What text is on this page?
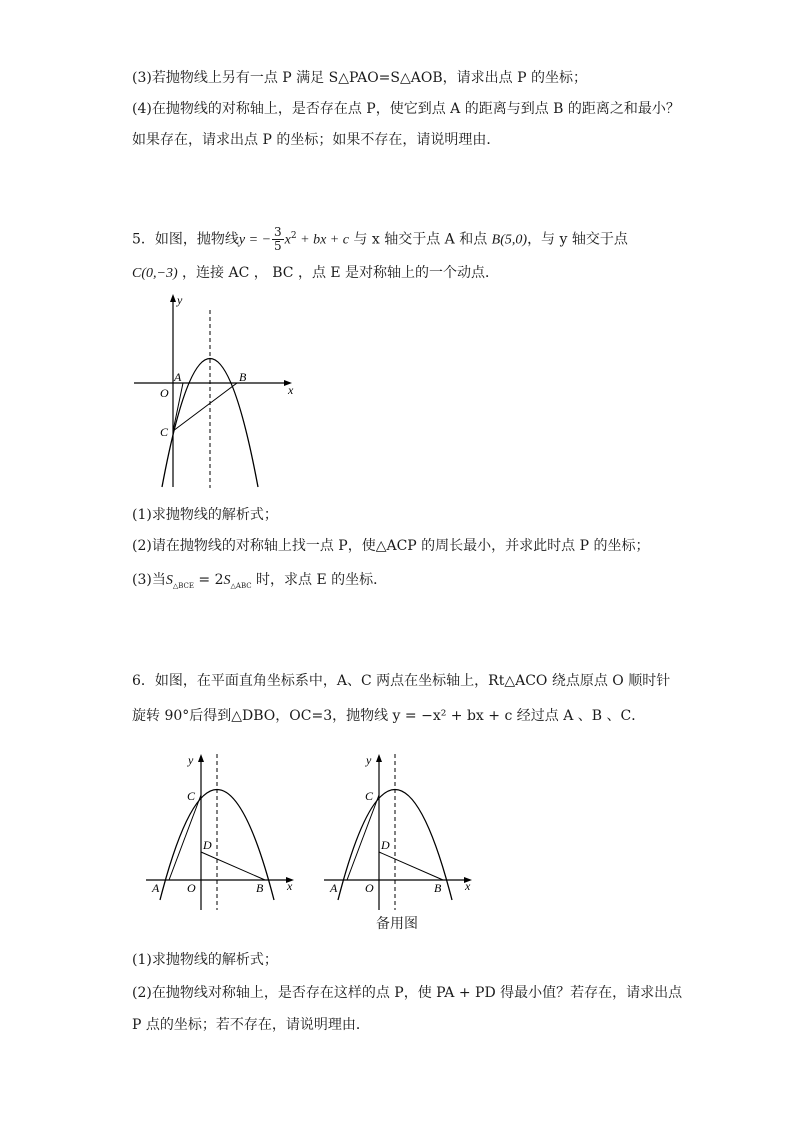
(3)若抛物线上另有一点 P 满足 S△PAO=S△AOB，请求出点 P 的坐标；
(4)在抛物线的对称轴上，是否存在点 P，使它到点 A 的距离与到点 B 的距离之和最小？
如果存在，请求出点 P 的坐标；如果不存在，请说明理由．
5．如图，抛物线y = − $\frac{3}{5} x^2$ + bx + c 与 x 轴交于点 A 和点 B(5,0)，与 y 轴交于点
C(0,−3) ，连接 AC ， BC ，点 E 是对称轴上的一个动点．
y
x
A	B
O
C
(1)求抛物线的解析式；
(2)请在抛物线的对称轴上找一点 P，使△ACP 的周长最小，并求此时点 P 的坐标；
(3)当$S_{\triangle BCE} = 2S_{\triangle ABC}$ 时，求点 E 的坐标．
6．如图，在平面直角坐标系中，A、C 两点在坐标轴上，Rt△ACO 绕点原点 O 顺时针
旋转 90°后得到△DBO，OC=3，抛物线 y = −x² + bx + c 经过点 A 、B 、C．
y
x
C
D
A O	B
y
x
C
D
A O	B
备用图
(1)求抛物线的解析式；
(2)在抛物线对称轴上，是否存在这样的点 P，使 PA + PD 得最小值？若存在，请求出点
P 点的坐标；若不存在，请说明理由．
